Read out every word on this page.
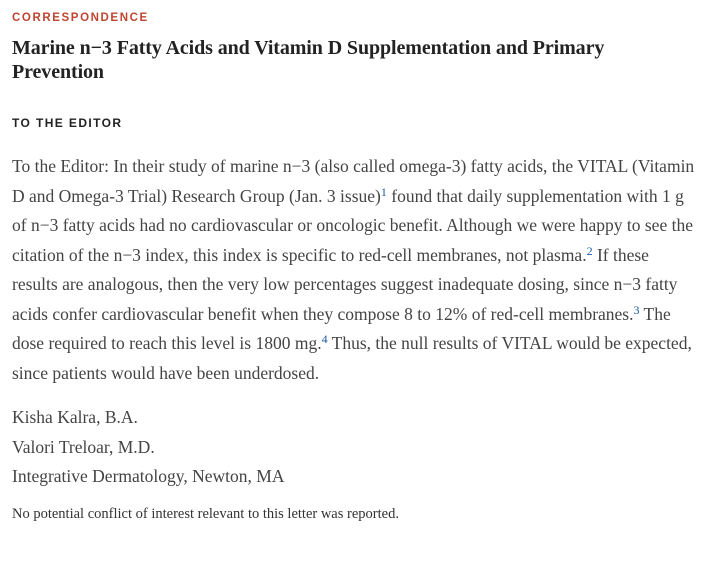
CORRESPONDENCE
Marine n−3 Fatty Acids and Vitamin D Supplementation and Primary Prevention
TO THE EDITOR

To the Editor: In their study of marine n−3 (also called omega-3) fatty acids, the VITAL (Vitamin D and Omega-3 Trial) Research Group (Jan. 3 issue)$^1$ found that daily supplementation with 1 g of n−3 fatty acids had no cardiovascular or oncologic benefit. Although we were happy to see the citation of the n−3 index, this index is specific to red-cell membranes, not plasma.$^2$ If these results are analogous, then the very low percentages suggest inadequate dosing, since n−3 fatty acids confer cardiovascular benefit when they compose 8 to 12% of red-cell membranes.$^3$ The dose required to reach this level is 1800 mg.$^4$ Thus, the null results of VITAL would be expected, since patients would have been underdosed.

Kisha Kalra, B.A.
Valori Treloar, M.D.
Integrative Dermatology, Newton, MA
No potential conflict of interest relevant to this letter was reported.
